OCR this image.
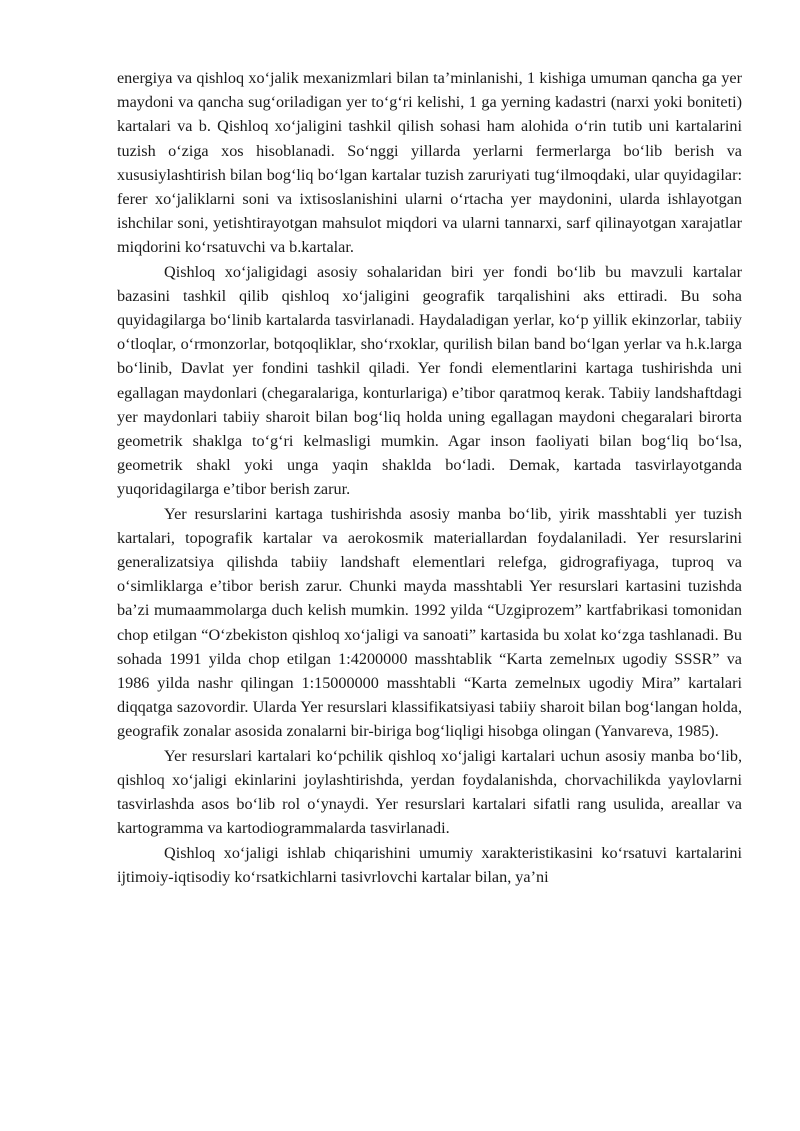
energiya va qishloq xo‘jalik mexanizmlari bilan ta’minlanishi, 1 kishiga umuman qancha ga yer maydoni va qancha sug‘oriladigan yer to‘g‘ri kelishi, 1 ga yerning kadastri (narxi yoki boniteti) kartalari va b. Qishloq xo‘jaligini tashkil qilish sohasi ham alohida o‘rin tutib uni kartalarini tuzish o‘ziga xos hisoblanadi. So‘nggi yillarda yerlarni fermerlarga bo‘lib berish va xususiylashtirish bilan bog‘liq bo‘lgan kartalar tuzish zaruriyati tug‘ilmoqdaki, ular quyidagilar: ferer xo‘jaliklarni soni va ixtisoslanishini ularni o‘rtacha yer maydonini, ularda ishlayotgan ishchilar soni, yetishtirayotgan mahsulot miqdori va ularni tannarxi, sarf qilinayotgan xarajatlar miqdorini ko‘rsatuvchi va b.kartalar.

Qishloq xo‘jaligidagi asosiy sohalaridan biri yer fondi bo‘lib bu mavzuli kartalar bazasini tashkil qilib qishloq xo‘jaligini geografik tarqalishini aks ettiradi. Bu soha quyidagilarga bo‘linib kartalarda tasvirlanadi. Haydaladigan yerlar, ko‘p yillik ekinzorlar, tabiiy o‘tloqlar, o‘rmonzorlar, botqoqliklar, sho‘rxoklar, qurilish bilan band bo‘lgan yerlar va h.k.larga bo‘linib, Davlat yer fondini tashkil qiladi. Yer fondi elementlarini kartaga tushirishda uni egallagan maydonlari (chegaralariga, konturlariga) e’tibor qaratmoq kerak. Tabiiy landshaftdagi yer maydonlari tabiiy sharoit bilan bog‘liq holda uning egallagan maydoni chegaralari birorta geometrik shaklga to‘g‘ri kelmasligi mumkin. Agar inson faoliyati bilan bog‘liq bo‘lsa, geometrik shakl yoki unga yaqin shaklda bo‘ladi. Demak, kartada tasvirlayotganda yuqoridagilarga e’tibor berish zarur.

Yer resurslarini kartaga tushirishda asosiy manba bo‘lib, yirik masshtabli yer tuzish kartalari, topografik kartalar va aerokosmik materiallardan foydalaniladi. Yer resurslarini generalizatsiya qilishda tabiiy landshaft elementlari relefga, gidrografiyaga, tuproq va o‘simliklarga e’tibor berish zarur. Chunki mayda masshtabli Yer resurslari kartasini tuzishda ba’zi mumaammolarga duch kelish mumkin. 1992 yilda “Uzgiprozem” kartfabrikasi tomonidan chop etilgan “O‘zbekiston qishloq xo‘jaligi va sanoati” kartasida bu xolat ko‘zga tashlanadi. Bu sohada 1991 yilda chop etilgan 1:4200000 masshtablik “Karta zemelnых ugodiy SSSR” va 1986 yilda nashr qilingan 1:15000000 masshtabli “Karta zemelnых ugodiy Mira” kartalari diqqatga sazovordir. Ularda Yer resurslari klassifikatsiyasi tabiiy sharoit bilan bog‘langan holda, geografik zonalar asosida zonalarni bir-biriga bog‘liqligi hisobga olingan (Yanvareva, 1985).

Yer resurslari kartalari ko‘pchilik qishloq xo‘jaligi kartalari uchun asosiy manba bo‘lib, qishloq xo‘jaligi ekinlarini joylashtirishda, yerdan foydalanishda, chorvachilikda yaylovlarni tasvirlashda asos bo‘lib rol o‘ynaydi. Yer resurslari kartalari sifatli rang usulida, areallar va kartogramma va kartodiogrammalarda tasvirlanadi.

Qishloq xo‘jaligi ishlab chiqarishini umumiy xarakteristikasini ko‘rsatuvi kartalarini ijtimoiy-iqtisodiy ko‘rsatkichlarni tasivrlovchi kartalar bilan, ya’ni
